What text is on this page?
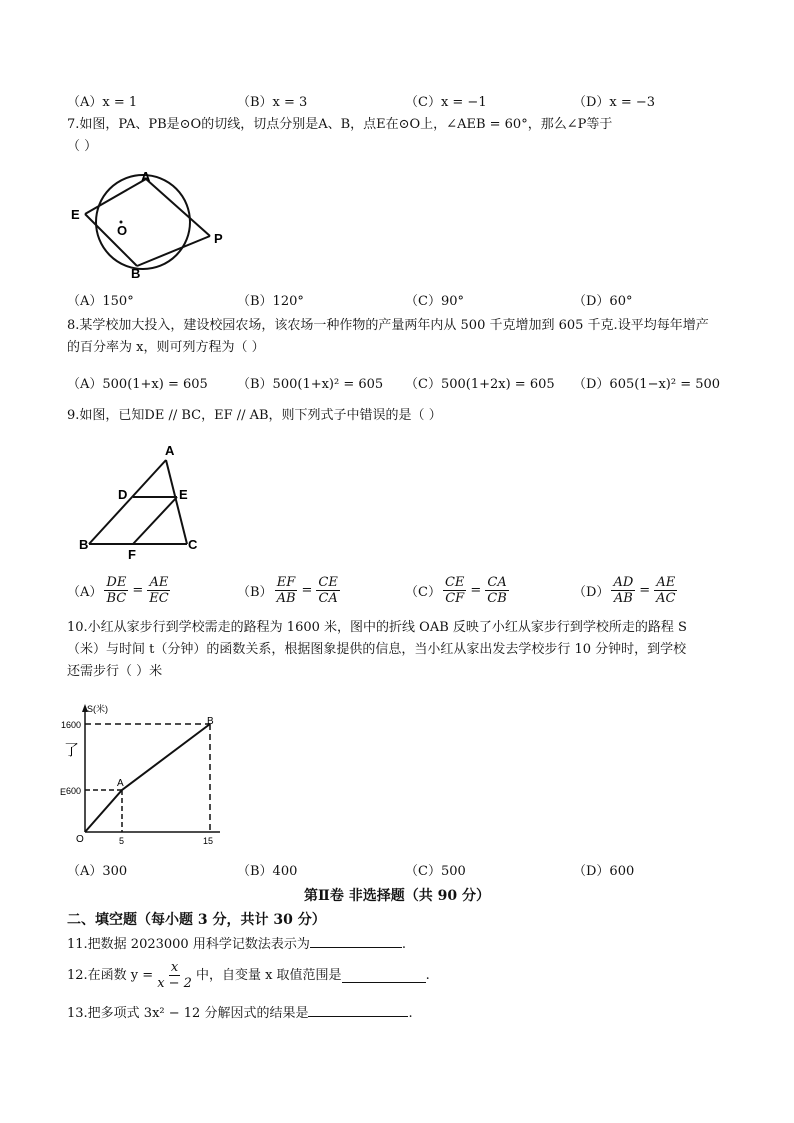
（A）x = 1	（B）x = 3	（C）x = −1	（D）x = −3
7.如图，PA、PB是⊙O的切线，切点分别是A、B，点E在⊙O上，∠AEB = 60°，那么∠P等于
（ ）
E
A
O
B
P
（A）150°	（B）120°	（C）90°	（D）60°
8.某学校加大投入，建设校园农场，该农场一种作物的产量两年内从 500 千克增加到 605 千克.设平均每年增产
的百分率为 x，则可列方程为（ ）
（A）500(1+x) = 605 （B）500(1+x)² = 605 （C）500(1+2x) = 605 （D）605(1−x)² = 500
9.如图，已知DE // BC，EF // AB，则下列式子中错误的是（ ）
A
D	E
B
F
C
$(A) \frac{DE}{BC} = \frac{AE}{EC}$	$(B) \frac{EF}{AB} = \frac{CE}{CA}$	$(C) \frac{CE}{CF} = \frac{CA}{CB}$	$(D) \frac{AD}{AB} = \frac{AE}{AC}$
10.小红从家步行到学校需走的路程为 1600 米，图中的折线 OAB 反映了小红从家步行到学校所走的路程 S
（米）与时间 t（分钟）的函数关系，根据图象提供的信息，当小红从家出发去学校步行 10 分钟时，到学校
还需步行（ ）米
S(米)
1600
600
5	15
O
A
B
了
E
（A）300	（B）400	（C）500	（D）600
第Ⅱ卷 非选择题（共 90 分）
二、填空题（每小题 3 分，共计 30 分）
11.把数据 2023000 用科学记数法表示为	.
12.在函数 $y = \frac{x}{x - 2}$ 中，自变量 x 取值范围是	.
13.把多项式 3x² − 12 分解因式的结果是	.
